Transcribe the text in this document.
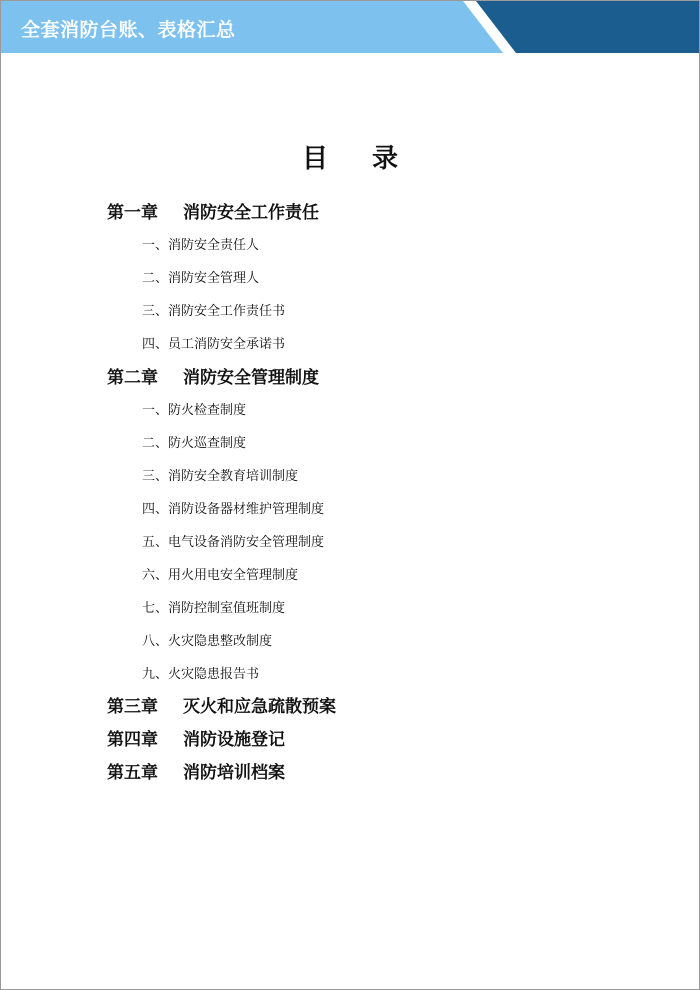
全套消防台账、表格汇总
目 录
第一章 消防安全工作责任
一、消防安全责任人
二、消防安全管理人
三、消防安全工作责任书
四、员工消防安全承诺书
第二章 消防安全管理制度
一、防火检查制度
二、防火巡查制度
三、消防安全教育培训制度
四、消防设备器材维护管理制度
五、电气设备消防安全管理制度
六、用火用电安全管理制度
七、消防控制室值班制度
八、火灾隐患整改制度
九、火灾隐患报告书
第三章 灭火和应急疏散预案
第四章 消防设施登记
第五章 消防培训档案
